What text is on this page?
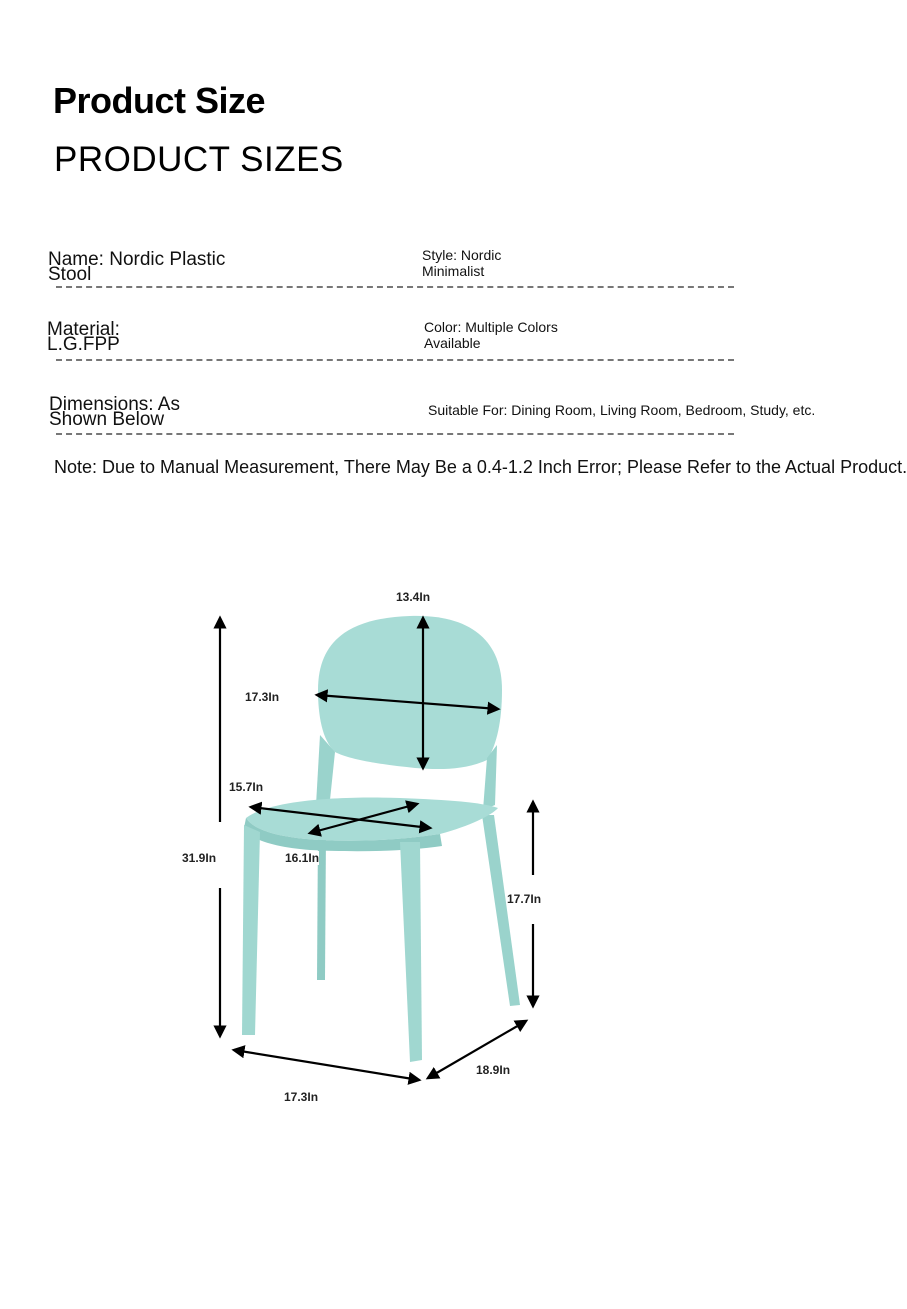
Product Size
PRODUCT SIZES
Name: Nordic Plastic
Stool
Style: Nordic
Minimalist
Material:
L.G.FPP
Color: Multiple Colors
Available
Dimensions: As
Shown Below	Suitable For: Dining Room, Living Room, Bedroom, Study, etc.
Note: Due to Manual Measurement, There May Be a 0.4-1.2 Inch Error; Please Refer to the Actual Product.
13.4In
17.3In
15.7In
16.1In
31.9In
17.7In
17.3In
18.9In
